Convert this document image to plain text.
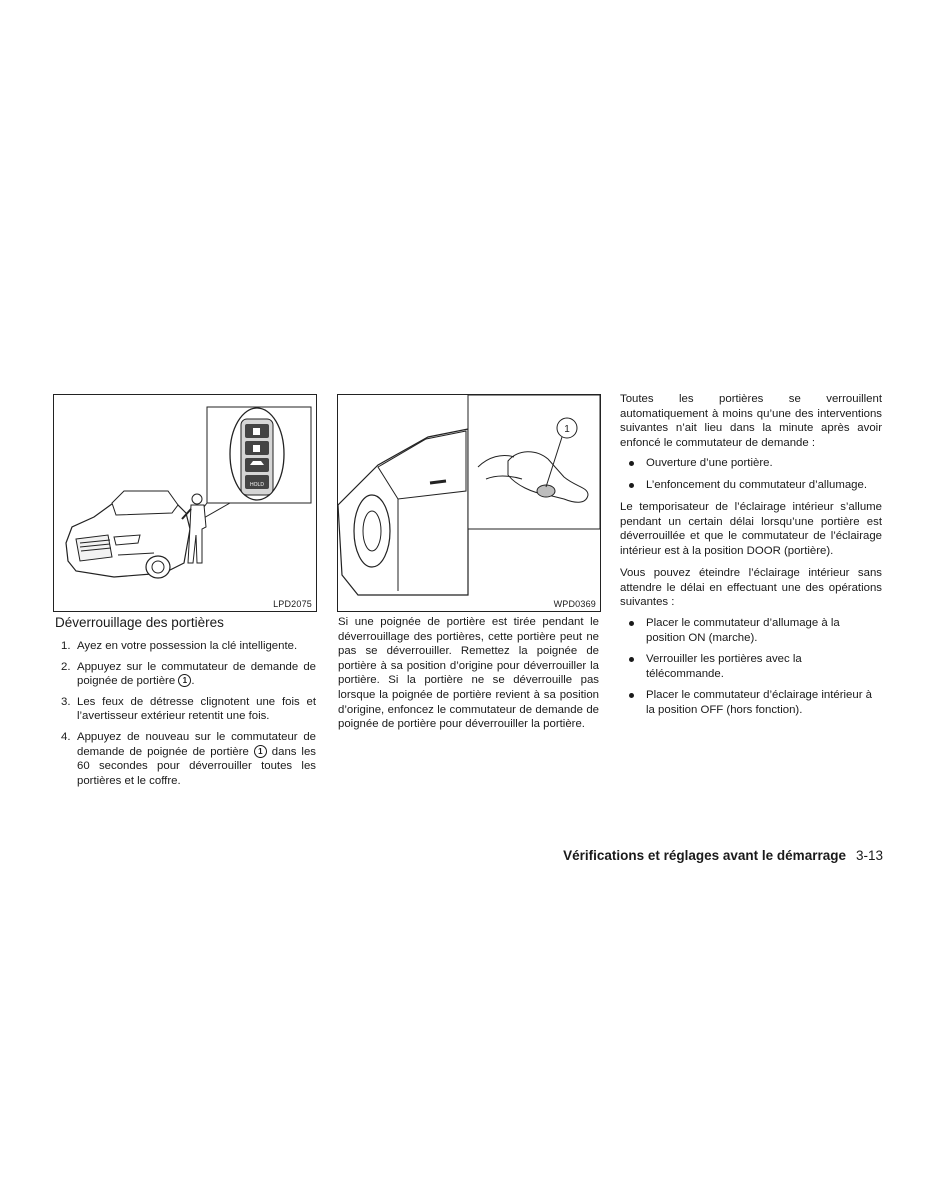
HOLD
LPD2075
1
WPD0369
Déverrouillage des portières
1. Ayez en votre possession la clé intelligente.
2. Appuyez sur le commutateur de demande de poignée de portière 1 .
3. Les feux de détresse clignotent une fois et l’avertisseur extérieur retentit une fois.
4. Appuyez de nouveau sur le commutateur de demande de poignée de portière 1 dans les 60 secondes pour déverrouiller toutes les portières et le coffre.

Si une poignée de portière est tirée pendant le déverrouillage des portières, cette portière peut ne pas se déverrouiller. Remettez la poignée de portière à sa position d’origine pour déverrouiller la portière. Si la portière ne se déverrouille pas lorsque la poignée de portière revient à sa position d’origine, enfoncez le commutateur de demande de poignée de portière pour déverrouiller la portière.

Toutes les portières se verrouillent automatiquement à moins qu’une des interventions suivantes n’ait lieu dans la minute après avoir enfoncé le commutateur de demande :

Ouverture d’une portière.
L’enfoncement du commutateur d’allumage.

Le temporisateur de l’éclairage intérieur s’allume pendant un certain délai lorsqu’une portière est déverrouillée et que le commutateur de l’éclairage intérieur est à la position DOOR (portière).

Vous pouvez éteindre l’éclairage intérieur sans attendre le délai en effectuant une des opérations suivantes :

Placer le commutateur d’allumage à la position ON (marche).
Verrouiller les portières avec la télécommande.
Placer le commutateur d’éclairage intérieur à la position OFF (hors fonction).
Vérifications et réglages avant le démarrage 3-13
